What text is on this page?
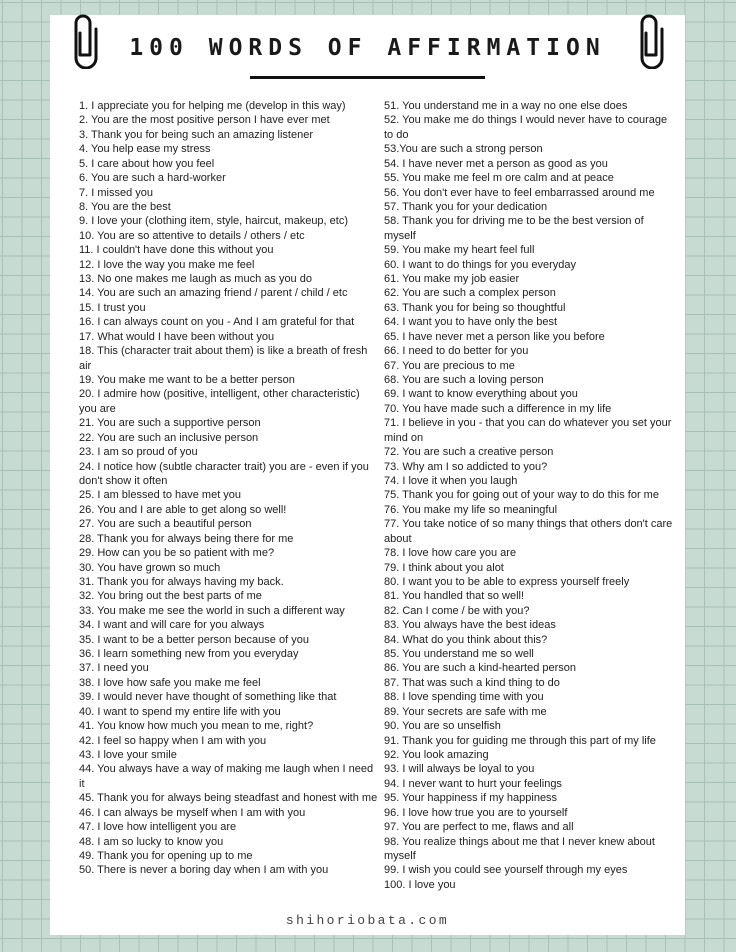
100 WORDS OF AFFIRMATION
1. I appreciate you for helping me (develop in this way)
2. You are the most positive person I have ever met
3. Thank you for being such an amazing listener
4. You help ease my stress
5. I care about how you feel
6. You are such a hard-worker
7. I missed you
8. You are the best
9. I love your (clothing item, style, haircut, makeup, etc)
10. You are so attentive to details / others / etc
11. I couldn't have done this without you
12. I love the way you make me feel
13. No one makes me laugh as much as you do
14. You are such an amazing friend / parent / child / etc
15. I trust you
16. I can always count on you - And I am grateful for that
17. What would I have been without you
18. This (character trait about them) is like a breath of fresh air
19. You make me want to be a better person
20. I admire how (positive, intelligent, other characteristic) you are
21. You are such a supportive person
22. You are such an inclusive person
23. I am so proud of you
24. I notice how (subtle character trait) you are - even if you don't show it often
25. I am blessed to have met you
26. You and I are able to get along so well!
27. You are such a beautiful person
28. Thank you for always being there for me
29. How can you be so patient with me?
30. You have grown so much
31. Thank you for always having my back.
32. You bring out the best parts of me
33. You make me see the world in such a different way
34. I want and will care for you always
35. I want to be a better person because of you
36. I learn something new from you everyday
37. I need you
38. I love how safe you make me feel
39. I would never have thought of something like that
40. I want to spend my entire life with you
41. You know how much you mean to me, right?
42. I feel so happy when I am with you
43. I love your smile
44. You always have a way of making me laugh when I need it
45. Thank you for always being steadfast and honest with me
46. I can always be myself when I am with you
47. I love how intelligent you are
48. I am so lucky to know you
49. Thank you for opening up to me
50. There is never a boring day when I am with you
51. You understand me in a way no one else does
52. You make me do things I would never have to courage to do
53.You are such a strong person
54. I have never met a person as good as you
55. You make me feel m ore calm and at peace
56. You don't ever have to feel embarrassed around me
57. Thank you for your dedication
58. Thank you for driving me to be the best version of myself
59. You make my heart feel full
60. I want to do things for you everyday
61. You make my job easier
62. You are such a complex person
63. Thank you for being so thoughtful
64. I want you to have only the best
65. I have never met a person like you before
66. I need to do better for you
67. You are precious to me
68. You are such a loving person
69. I want to know everything about you
70. You have made such a difference in my life
71. I believe in you - that you can do whatever you set your mind on
72. You are such a creative person
73. Why am I so addicted to you?
74. I love it when you laugh
75. Thank you for going out of your way to do this for me
76. You make my life so meaningful
77. You take notice of so many things that others don't care about
78. I love how care you are
79. I think about you alot
80. I want you to be able to express yourself freely
81. You handled that so well!
82. Can I come / be with you?
83. You always have the best ideas
84. What do you think about this?
85. You understand me so well
86. You are such a kind-hearted person
87. That was such a kind thing to do
88. I love spending time with you
89. Your secrets are safe with me
90. You are so unselfish
91. Thank you for guiding me through this part of my life
92. You look amazing
93. I will always be loyal to you
94. I never want to hurt your feelings
95. Your happiness if my happiness
96. I love how true you are to yourself
97. You are perfect to me, flaws and all
98. You realize things about me that I never knew about myself
99. I wish you could see yourself through my eyes
100. I love you
shihoriobata.com
